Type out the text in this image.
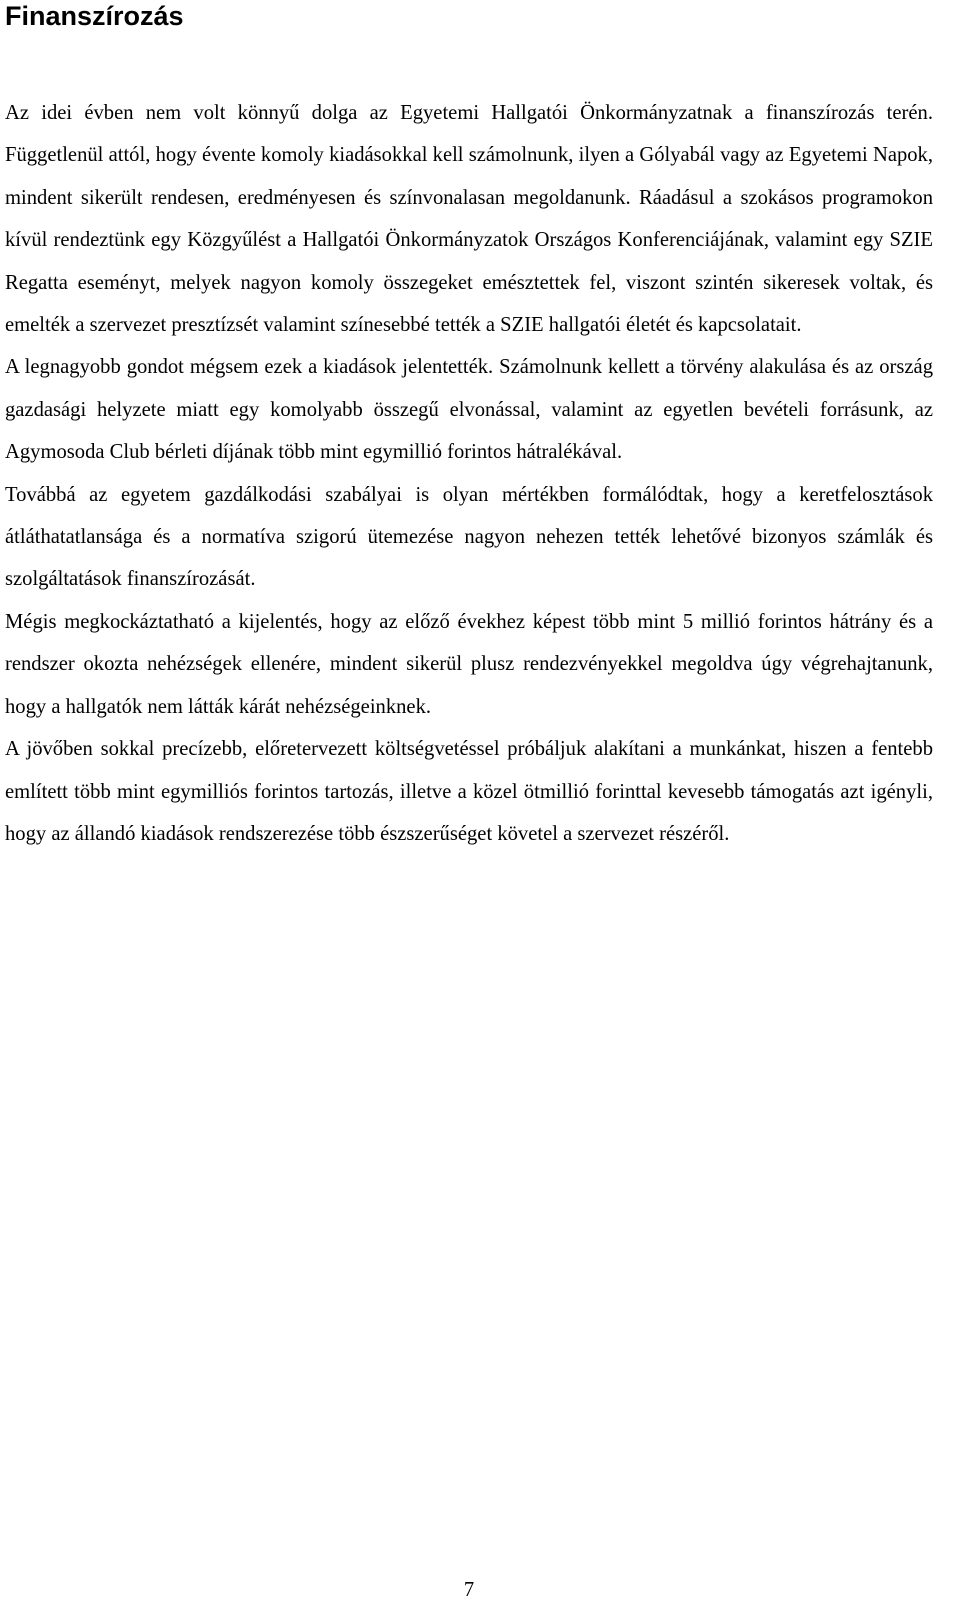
Finanszírozás

Az idei évben nem volt könnyű dolga az Egyetemi Hallgatói Önkormányzatnak a finanszírozás terén. Függetlenül attól, hogy évente komoly kiadásokkal kell számolnunk, ilyen a Gólyabál vagy az Egyetemi Napok, mindent sikerült rendesen, eredményesen és színvonalasan megoldanunk. Ráadásul a szokásos programokon kívül rendeztünk egy Közgyűlést a Hallgatói Önkormányzatok Országos Konferenciájának, valamint egy SZIE Regatta eseményt, melyek nagyon komoly összegeket emésztettek fel, viszont szintén sikeresek voltak, és emelték a szervezet presztízsét valamint színesebbé tették a SZIE hallgatói életét és kapcsolatait.

A legnagyobb gondot mégsem ezek a kiadások jelentették. Számolnunk kellett a törvény alakulása és az ország gazdasági helyzete miatt egy komolyabb összegű elvonással, valamint az egyetlen bevételi forrásunk, az Agymosoda Club bérleti díjának több mint egymillió forintos hátralékával.

Továbbá az egyetem gazdálkodási szabályai is olyan mértékben formálódtak, hogy a keretfelosztások átláthatatlansága és a normatíva szigorú ütemezése nagyon nehezen tették lehetővé bizonyos számlák és szolgáltatások finanszírozását.

Mégis megkockáztatható a kijelentés, hogy az előző évekhez képest több mint 5 millió forintos hátrány és a rendszer okozta nehézségek ellenére, mindent sikerül plusz rendezvényekkel megoldva úgy végrehajtanunk, hogy a hallgatók nem látták kárát nehézségeinknek.

A jövőben sokkal precízebb, előretervezett költségvetéssel próbáljuk alakítani a munkánkat, hiszen a fentebb említett több mint egymilliós forintos tartozás, illetve a közel ötmillió forinttal kevesebb támogatás azt igényli, hogy az állandó kiadások rendszerezése több észszerűséget követel a szervezet részéről.

7
